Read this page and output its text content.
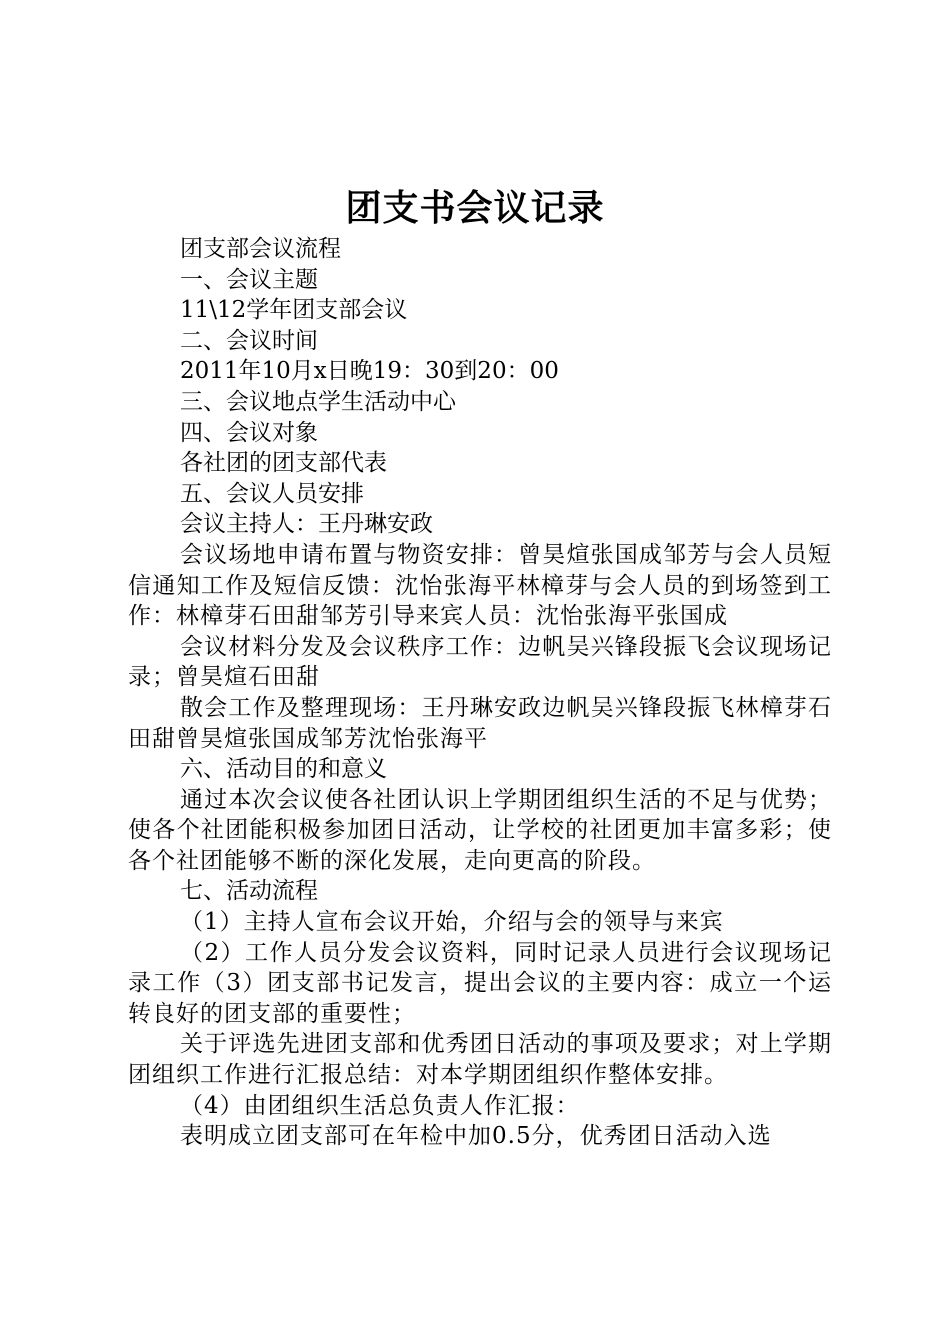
团支书会议记录

团支部会议流程

一、会议主题

11\12学年团支部会议

二、会议时间

2011年10月x日晚19：30到20：00

三、会议地点学生活动中心

四、会议对象

各社团的团支部代表

五、会议人员安排

会议主持人：王丹琳安政

会议场地申请布置与物资安排：曾昊煊张国成邹芳与会人员短信通知工作及短信反馈：沈怡张海平林樟芽与会人员的到场签到工作：林樟芽石田甜邹芳引导来宾人员：沈怡张海平张国成

会议材料分发及会议秩序工作：边帆吴兴锋段振飞会议现场记录；曾昊煊石田甜

散会工作及整理现场：王丹琳安政边帆吴兴锋段振飞林樟芽石田甜曾昊煊张国成邹芳沈怡张海平

六、活动目的和意义

通过本次会议使各社团认识上学期团组织生活的不足与优势；使各个社团能积极参加团日活动，让学校的社团更加丰富多彩；使各个社团能够不断的深化发展，走向更高的阶段。

七、活动流程

（1）主持人宣布会议开始，介绍与会的领导与来宾

（2）工作人员分发会议资料，同时记录人员进行会议现场记录工作（3）团支部书记发言，提出会议的主要内容：成立一个运转良好的团支部的重要性；

关于评选先进团支部和优秀团日活动的事项及要求；对上学期团组织工作进行汇报总结：对本学期团组织作整体安排。

（4）由团组织生活总负责人作汇报：

表明成立团支部可在年检中加0.5分，优秀团日活动入选
